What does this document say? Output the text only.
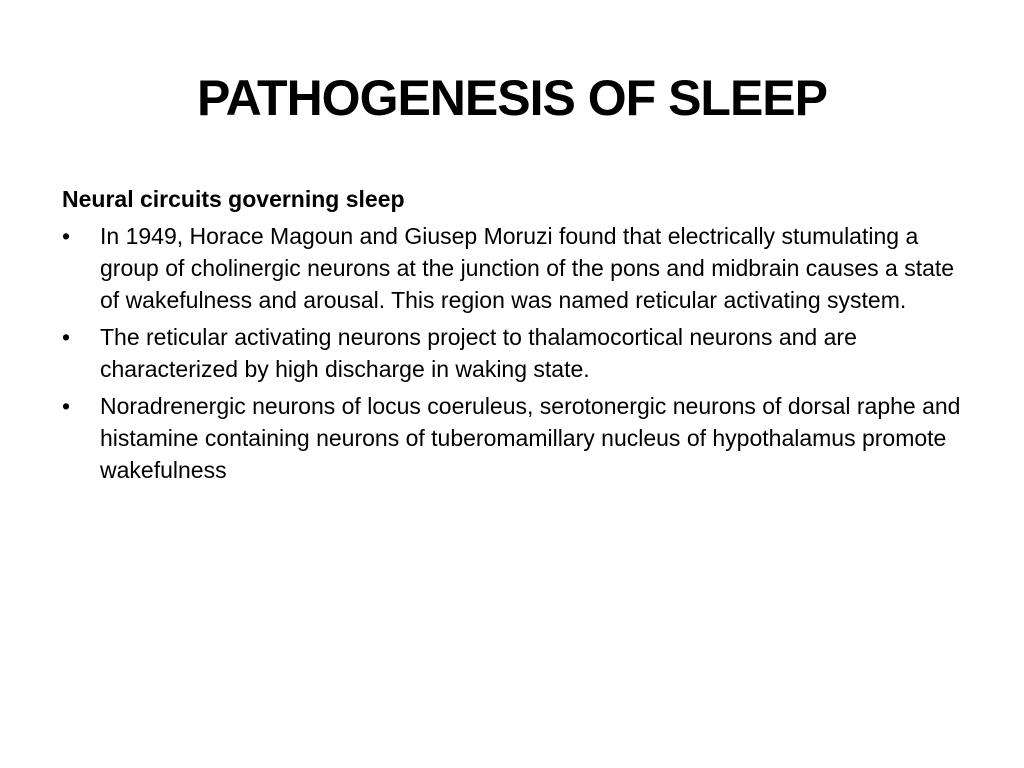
PATHOGENESIS OF SLEEP
Neural circuits governing sleep
•	In 1949, Horace Magoun and Giusep Moruzi found that electrically stumulating a group of cholinergic neurons at the junction of the pons and midbrain causes a state of wakefulness and arousal. This region was named reticular activating system.
•	The reticular activating neurons project to thalamocortical neurons and are characterized by high discharge in waking state.
•	Noradrenergic neurons of locus coeruleus, serotonergic neurons of dorsal raphe and histamine containing neurons of tuberomamillary nucleus of hypothalamus promote wakefulness
